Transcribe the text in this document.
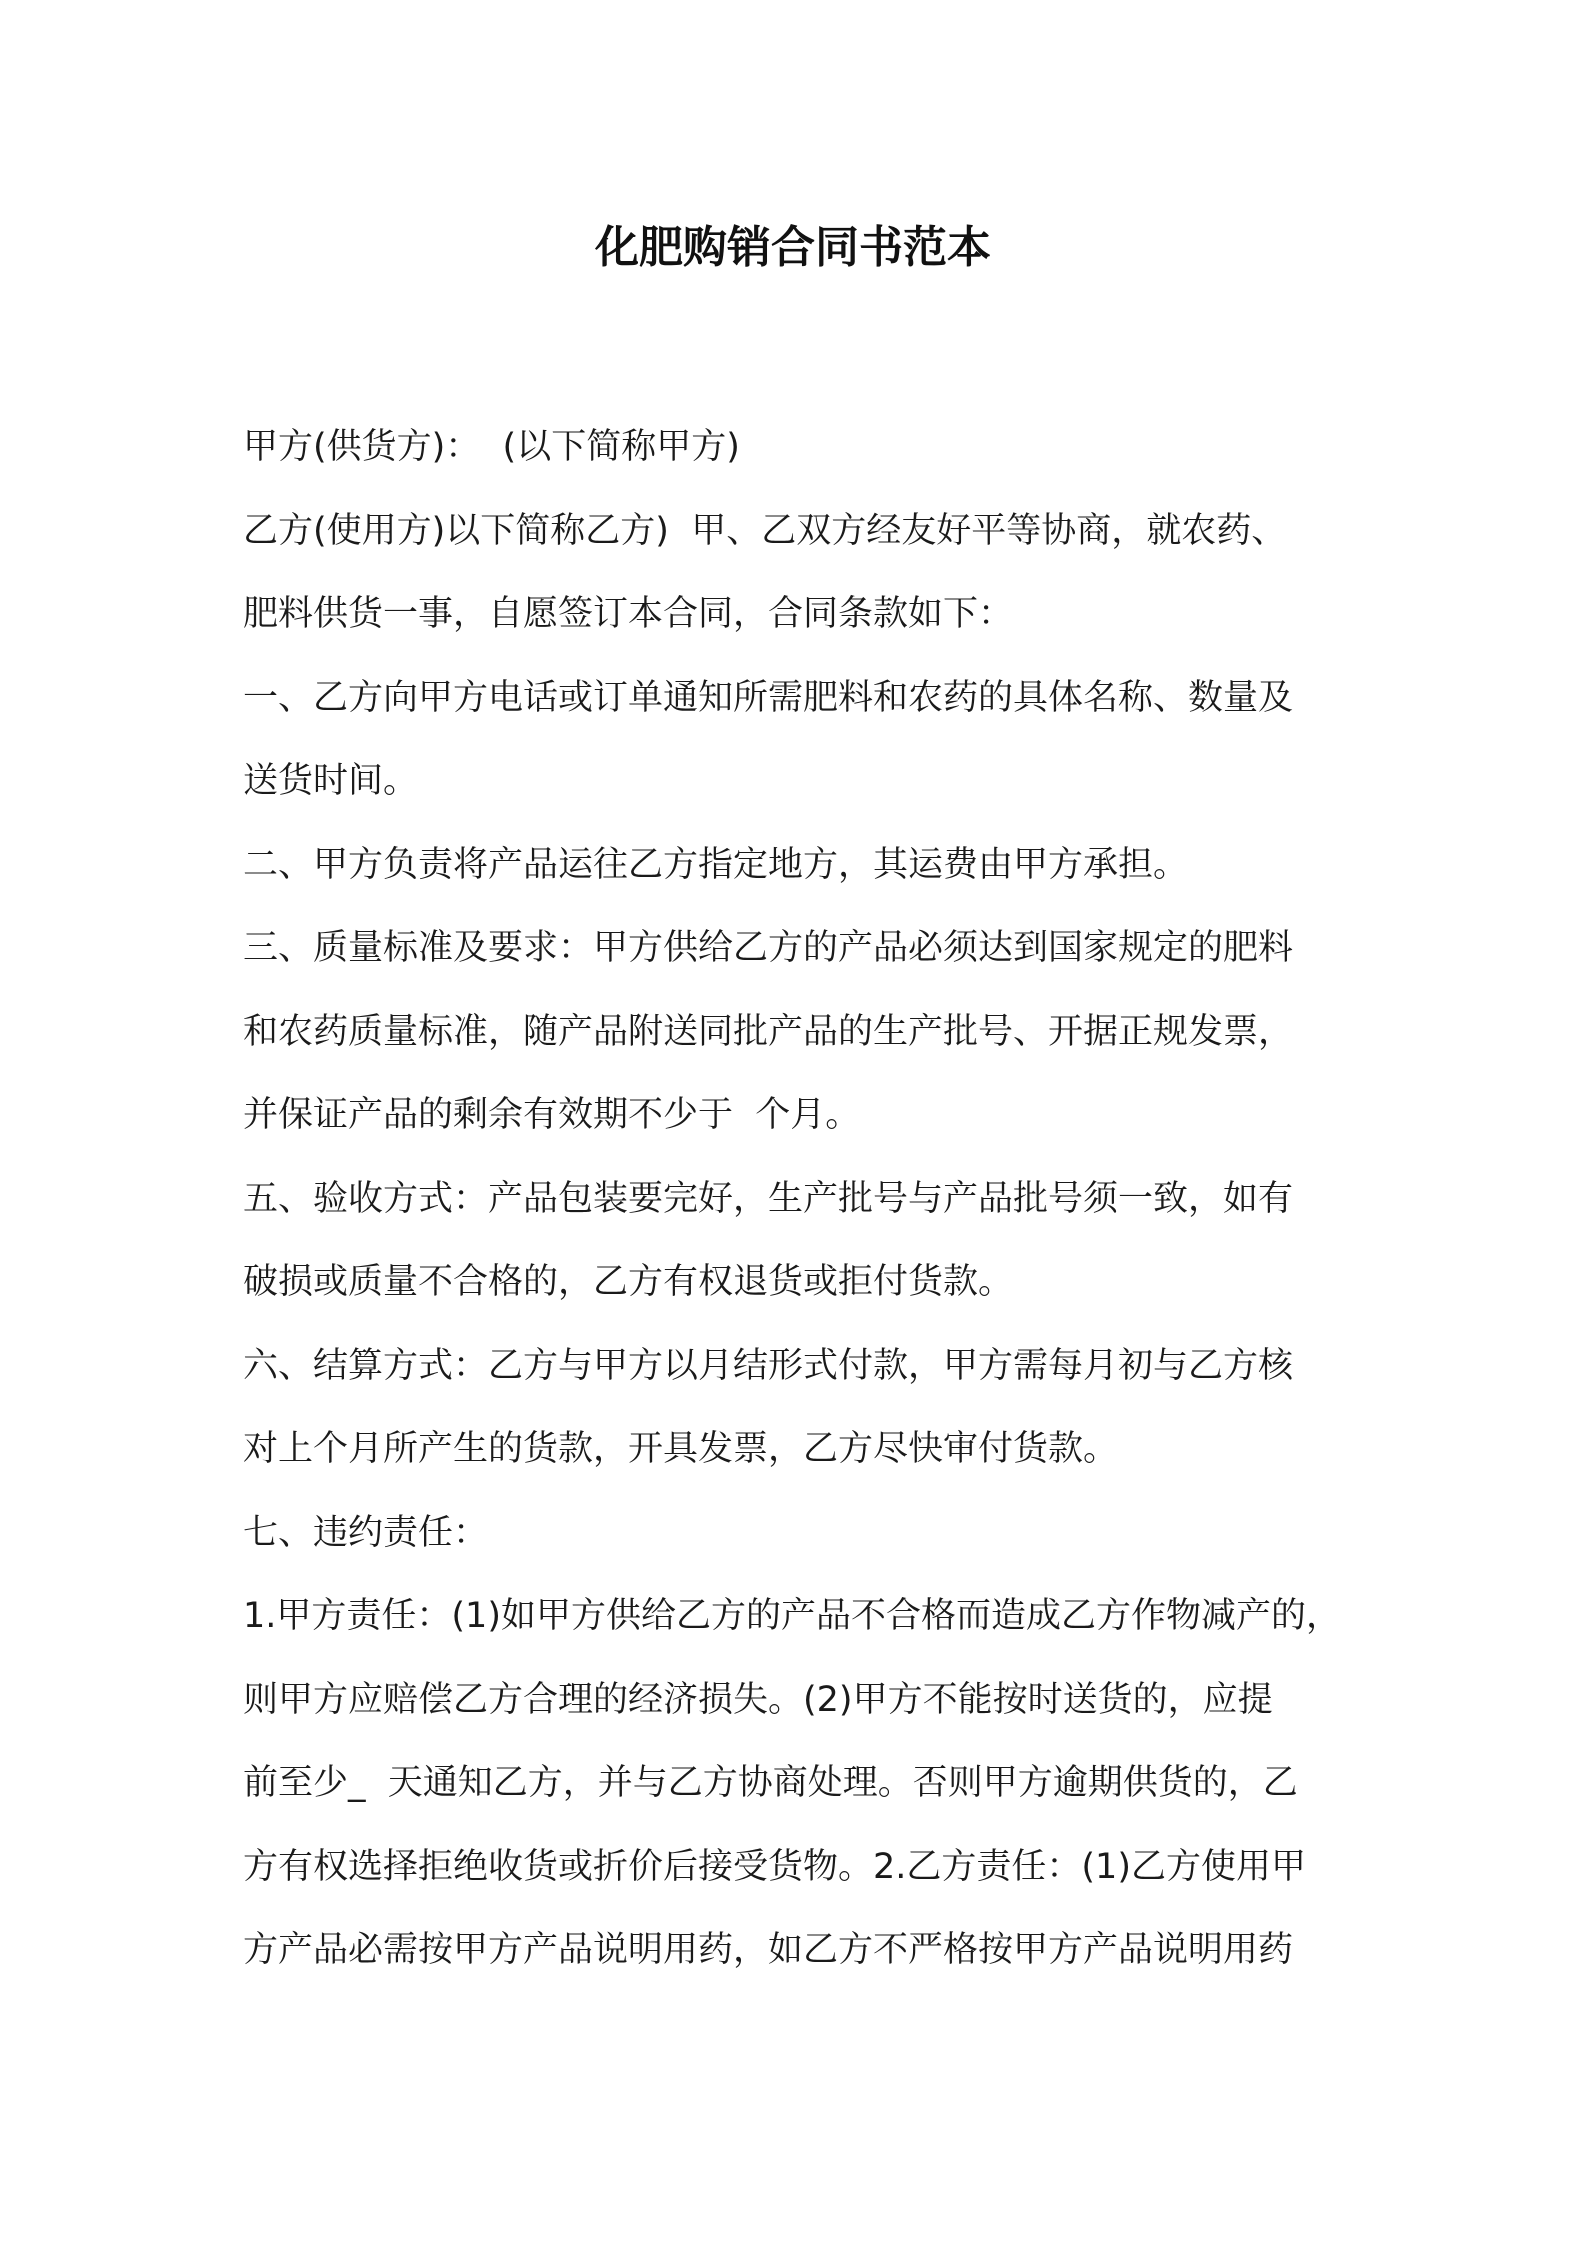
化肥购销合同书范本
甲方(供货方)：  (以下简称甲方)
乙方(使用方)以下简称乙方)  甲、乙双方经友好平等协商，就农药、
肥料供货一事，自愿签订本合同，合同条款如下：
一、乙方向甲方电话或订单通知所需肥料和农药的具体名称、数量及
送货时间。
二、甲方负责将产品运往乙方指定地方，其运费由甲方承担。
三、质量标准及要求：甲方供给乙方的产品必须达到国家规定的肥料
和农药质量标准，随产品附送同批产品的生产批号、开据正规发票，
并保证产品的剩余有效期不少于  个月。
五、验收方式：产品包装要完好，生产批号与产品批号须一致，如有
破损或质量不合格的，乙方有权退货或拒付货款。
六、结算方式：乙方与甲方以月结形式付款，甲方需每月初与乙方核
对上个月所产生的货款，开具发票，乙方尽快审付货款。
七、违约责任：
1.甲方责任：(1)如甲方供给乙方的产品不合格而造成乙方作物减产的，
则甲方应赔偿乙方合理的经济损失。(2)甲方不能按时送货的，应提
前至少_  天通知乙方，并与乙方协商处理。否则甲方逾期供货的，乙
方有权选择拒绝收货或折价后接受货物。2.乙方责任：(1)乙方使用甲
方产品必需按甲方产品说明用药，如乙方不严格按甲方产品说明用药
